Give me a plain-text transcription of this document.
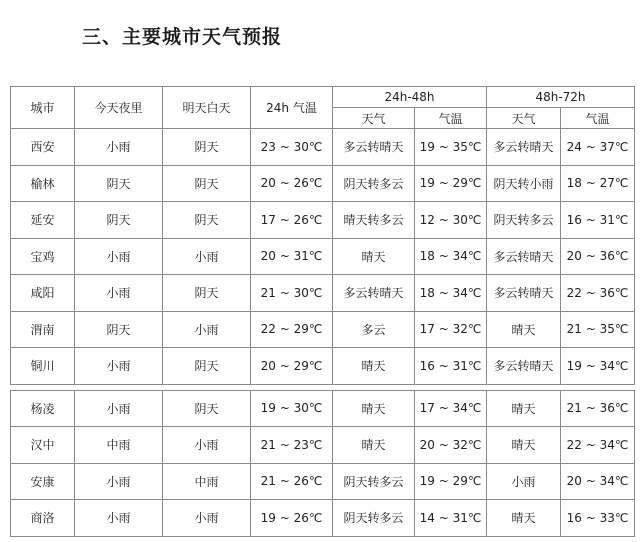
三、主要城市天气预报
城市	今天夜里	明天白天	24h 气温	24h-48h		48h-72h	
				天气	气温	天气	气温
西安	小雨	阴天	23 ~ 30℃	多云转晴天	19 ~ 35℃	多云转晴天	24 ~ 37℃
榆林	阴天	阴天	20 ~ 26℃	阴天转多云	19 ~ 29℃	阴天转小雨	18 ~ 27℃
延安	阴天	阴天	17 ~ 26℃	晴天转多云	12 ~ 30℃	阴天转多云	16 ~ 31℃
宝鸡	小雨	小雨	20 ~ 31℃	晴天	18 ~ 34℃	多云转晴天	20 ~ 36℃
咸阳	小雨	阴天	21 ~ 30℃	多云转晴天	18 ~ 34℃	多云转晴天	22 ~ 36℃
渭南	阴天	小雨	22 ~ 29℃	多云	17 ~ 32℃	晴天	21 ~ 35℃
铜川	小雨	阴天	20 ~ 29℃	晴天	16 ~ 31℃	多云转晴天	19 ~ 34℃

杨凌	小雨	阴天	19 ~ 30℃	晴天	17 ~ 34℃	晴天	21 ~ 36℃
汉中	中雨	小雨	21 ~ 23℃	晴天	20 ~ 32℃	晴天	22 ~ 34℃
安康	小雨	中雨	21 ~ 26℃	阴天转多云	19 ~ 29℃	小雨	20 ~ 34℃
商洛	小雨	小雨	19 ~ 26℃	阴天转多云	14 ~ 31℃	晴天	16 ~ 33℃
